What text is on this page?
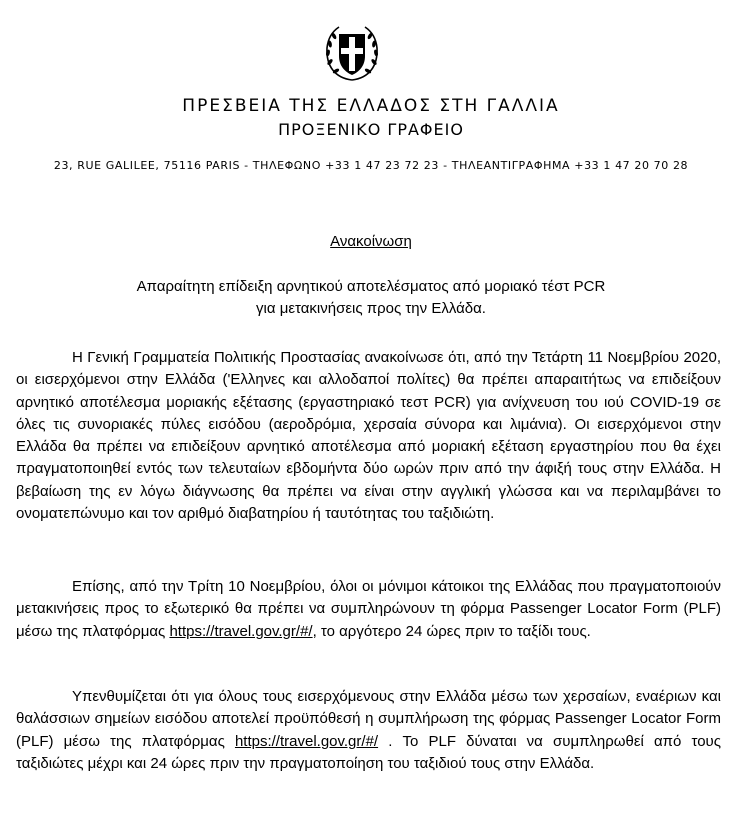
ΠΡΕΣΒΕΙΑ ΤΗΣ ΕΛΛΑΔΟΣ ΣΤΗ ΓΑΛΛΙΑ
ΠΡΟΞΕΝΙΚΟ ΓΡΑΦΕΙΟ
23, RUE GALILEE, 75116 PARIS - ΤΗΛΕΦΩΝΟ +33 1 47 23 72 23 - ΤΗΛΕΑΝΤΙΓΡΑΦΗΜΑ +33 1 47 20 70 28
Ανακοίνωση
Απαραίτητη επίδειξη αρνητικού αποτελέσματος από μοριακό τέστ PCR
για μετακινήσεις προς την Ελλάδα.

Η Γενική Γραμματεία Πολιτικής Προστασίας ανακοίνωσε ότι, από την Τετάρτη 11 Νοεμβρίου 2020, οι εισερχόμενοι στην Ελλάδα ('Ελληνες και αλλοδαποί πολίτες) θα πρέπει απαραιτήτως να επιδείξουν αρνητικό αποτέλεσμα μοριακής εξέτασης (εργαστηριακό τεστ PCR) για ανίχνευση του ιού COVID-19 σε όλες τις συνοριακές πύλες εισόδου (αεροδρόμια, χερσαία σύνορα και λιμάνια). Οι εισερχόμενοι στην Ελλάδα θα πρέπει να επιδείξουν αρνητικό αποτέλεσμα από μοριακή εξέταση εργαστηρίου που θα έχει πραγματοποιηθεί εντός των τελευταίων εβδομήντα δύο ωρών πριν από την άφιξή τους στην Ελλάδα. Η βεβαίωση της εν λόγω διάγνωσης θα πρέπει να είναι στην αγγλική γλώσσα και να περιλαμβάνει το ονοματεπώνυμο και τον αριθμό διαβατηρίου ή ταυτότητας του ταξιδιώτη.

Επίσης, από την Τρίτη 10 Νοεμβρίου, όλοι οι μόνιμοι κάτοικοι της Ελλάδας που πραγματοποιούν μετακινήσεις προς το εξωτερικό θα πρέπει να συμπληρώνουν τη φόρμα Passenger Locator Form (PLF) μέσω της πλατφόρμας https://travel.gov.gr/#/, το αργότερο 24 ώρες πριν το ταξίδι τους.

Υπενθυμίζεται ότι για όλους τους εισερχόμενους στην Ελλάδα μέσω των χερσαίων, εναέριων και θαλάσσιων σημείων εισόδου αποτελεί προϋπόθεσή η συμπλήρωση της φόρμας Passenger Locator Form (PLF) μέσω της πλατφόρμας https://travel.gov.gr/#/ . Το PLF δύναται να συμπληρωθεί από τους ταξιδιώτες μέχρι και 24 ώρες πριν την πραγματοποίηση του ταξιδιού τους στην Ελλάδα.
